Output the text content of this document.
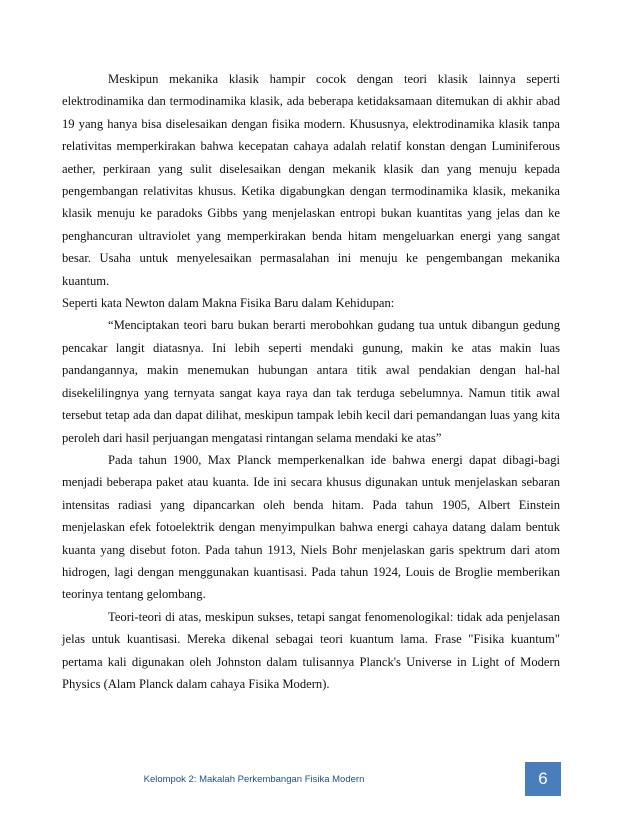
Meskipun mekanika klasik hampir cocok dengan teori klasik lainnya seperti elektrodinamika dan termodinamika klasik, ada beberapa ketidaksamaan ditemukan di akhir abad 19 yang hanya bisa diselesaikan dengan fisika modern. Khususnya, elektrodinamika klasik tanpa relativitas memperkirakan bahwa kecepatan cahaya adalah relatif konstan dengan Luminiferous aether, perkiraan yang sulit diselesaikan dengan mekanik klasik dan yang menuju kepada pengembangan relativitas khusus. Ketika digabungkan dengan termodinamika klasik, mekanika klasik menuju ke paradoks Gibbs yang menjelaskan entropi bukan kuantitas yang jelas dan ke penghancuran ultraviolet yang memperkirakan benda hitam mengeluarkan energi yang sangat besar. Usaha untuk menyelesaikan permasalahan ini menuju ke pengembangan mekanika kuantum.

Seperti kata Newton dalam Makna Fisika Baru dalam Kehidupan:

“Menciptakan teori baru bukan berarti merobohkan gudang tua untuk dibangun gedung pencakar langit diatasnya. Ini lebih seperti mendaki gunung, makin ke atas makin luas pandangannya, makin menemukan hubungan antara titik awal pendakian dengan hal-hal disekelilingnya yang ternyata sangat kaya raya dan tak terduga sebelumnya. Namun titik awal tersebut tetap ada dan dapat dilihat, meskipun tampak lebih kecil dari pemandangan luas yang kita peroleh dari hasil perjuangan mengatasi rintangan selama mendaki ke atas”

Pada tahun 1900, Max Planck memperkenalkan ide bahwa energi dapat dibagi-bagi menjadi beberapa paket atau kuanta. Ide ini secara khusus digunakan untuk menjelaskan sebaran intensitas radiasi yang dipancarkan oleh benda hitam. Pada tahun 1905, Albert Einstein menjelaskan efek fotoelektrik dengan menyimpulkan bahwa energi cahaya datang dalam bentuk kuanta yang disebut foton. Pada tahun 1913, Niels Bohr menjelaskan garis spektrum dari atom hidrogen, lagi dengan menggunakan kuantisasi. Pada tahun 1924, Louis de Broglie memberikan teorinya tentang gelombang.

Teori-teori di atas, meskipun sukses, tetapi sangat fenomenologikal: tidak ada penjelasan jelas untuk kuantisasi. Mereka dikenal sebagai teori kuantum lama. Frase "Fisika kuantum" pertama kali digunakan oleh Johnston dalam tulisannya Planck's Universe in Light of Modern Physics (Alam Planck dalam cahaya Fisika Modern).

Kelompok 2: Makalah Perkembangan Fisika Modern	6
